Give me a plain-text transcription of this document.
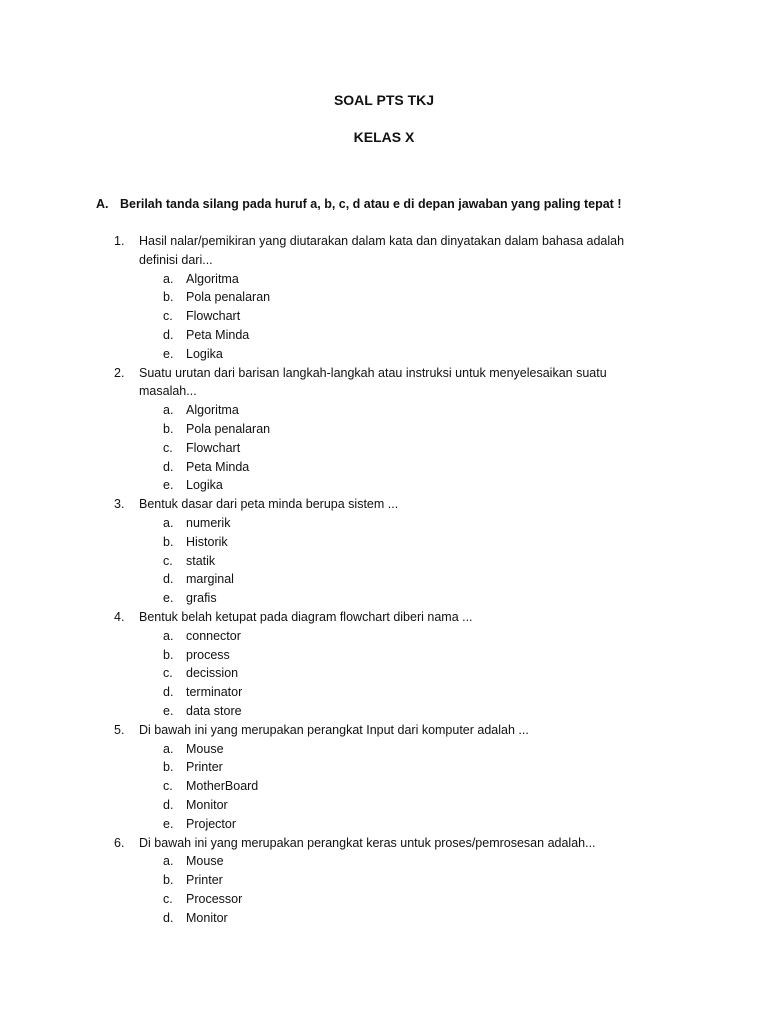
SOAL PTS TKJ
KELAS X
A. Berilah tanda silang pada huruf a, b, c, d atau e di depan jawaban yang paling tepat !
1. Hasil nalar/pemikiran yang diutarakan dalam kata dan dinyatakan dalam bahasa adalah definisi dari...
a. Algoritma
b. Pola penalaran
c. Flowchart
d. Peta Minda
e. Logika
2. Suatu urutan dari barisan langkah-langkah atau instruksi untuk menyelesaikan suatu masalah...
a. Algoritma
b. Pola penalaran
c. Flowchart
d. Peta Minda
e. Logika
3. Bentuk dasar dari peta minda berupa sistem ...
a. numerik
b. Historik
c. statik
d. marginal
e. grafis
4. Bentuk belah ketupat pada diagram flowchart diberi nama ...
a. connector
b. process
c. decission
d. terminator
e. data store
5. Di bawah ini yang merupakan perangkat Input dari komputer adalah ...
a. Mouse
b. Printer
c. MotherBoard
d. Monitor
e. Projector
6. Di bawah ini yang merupakan perangkat keras untuk proses/pemrosesan adalah...
a. Mouse
b. Printer
c. Processor
d. Monitor
